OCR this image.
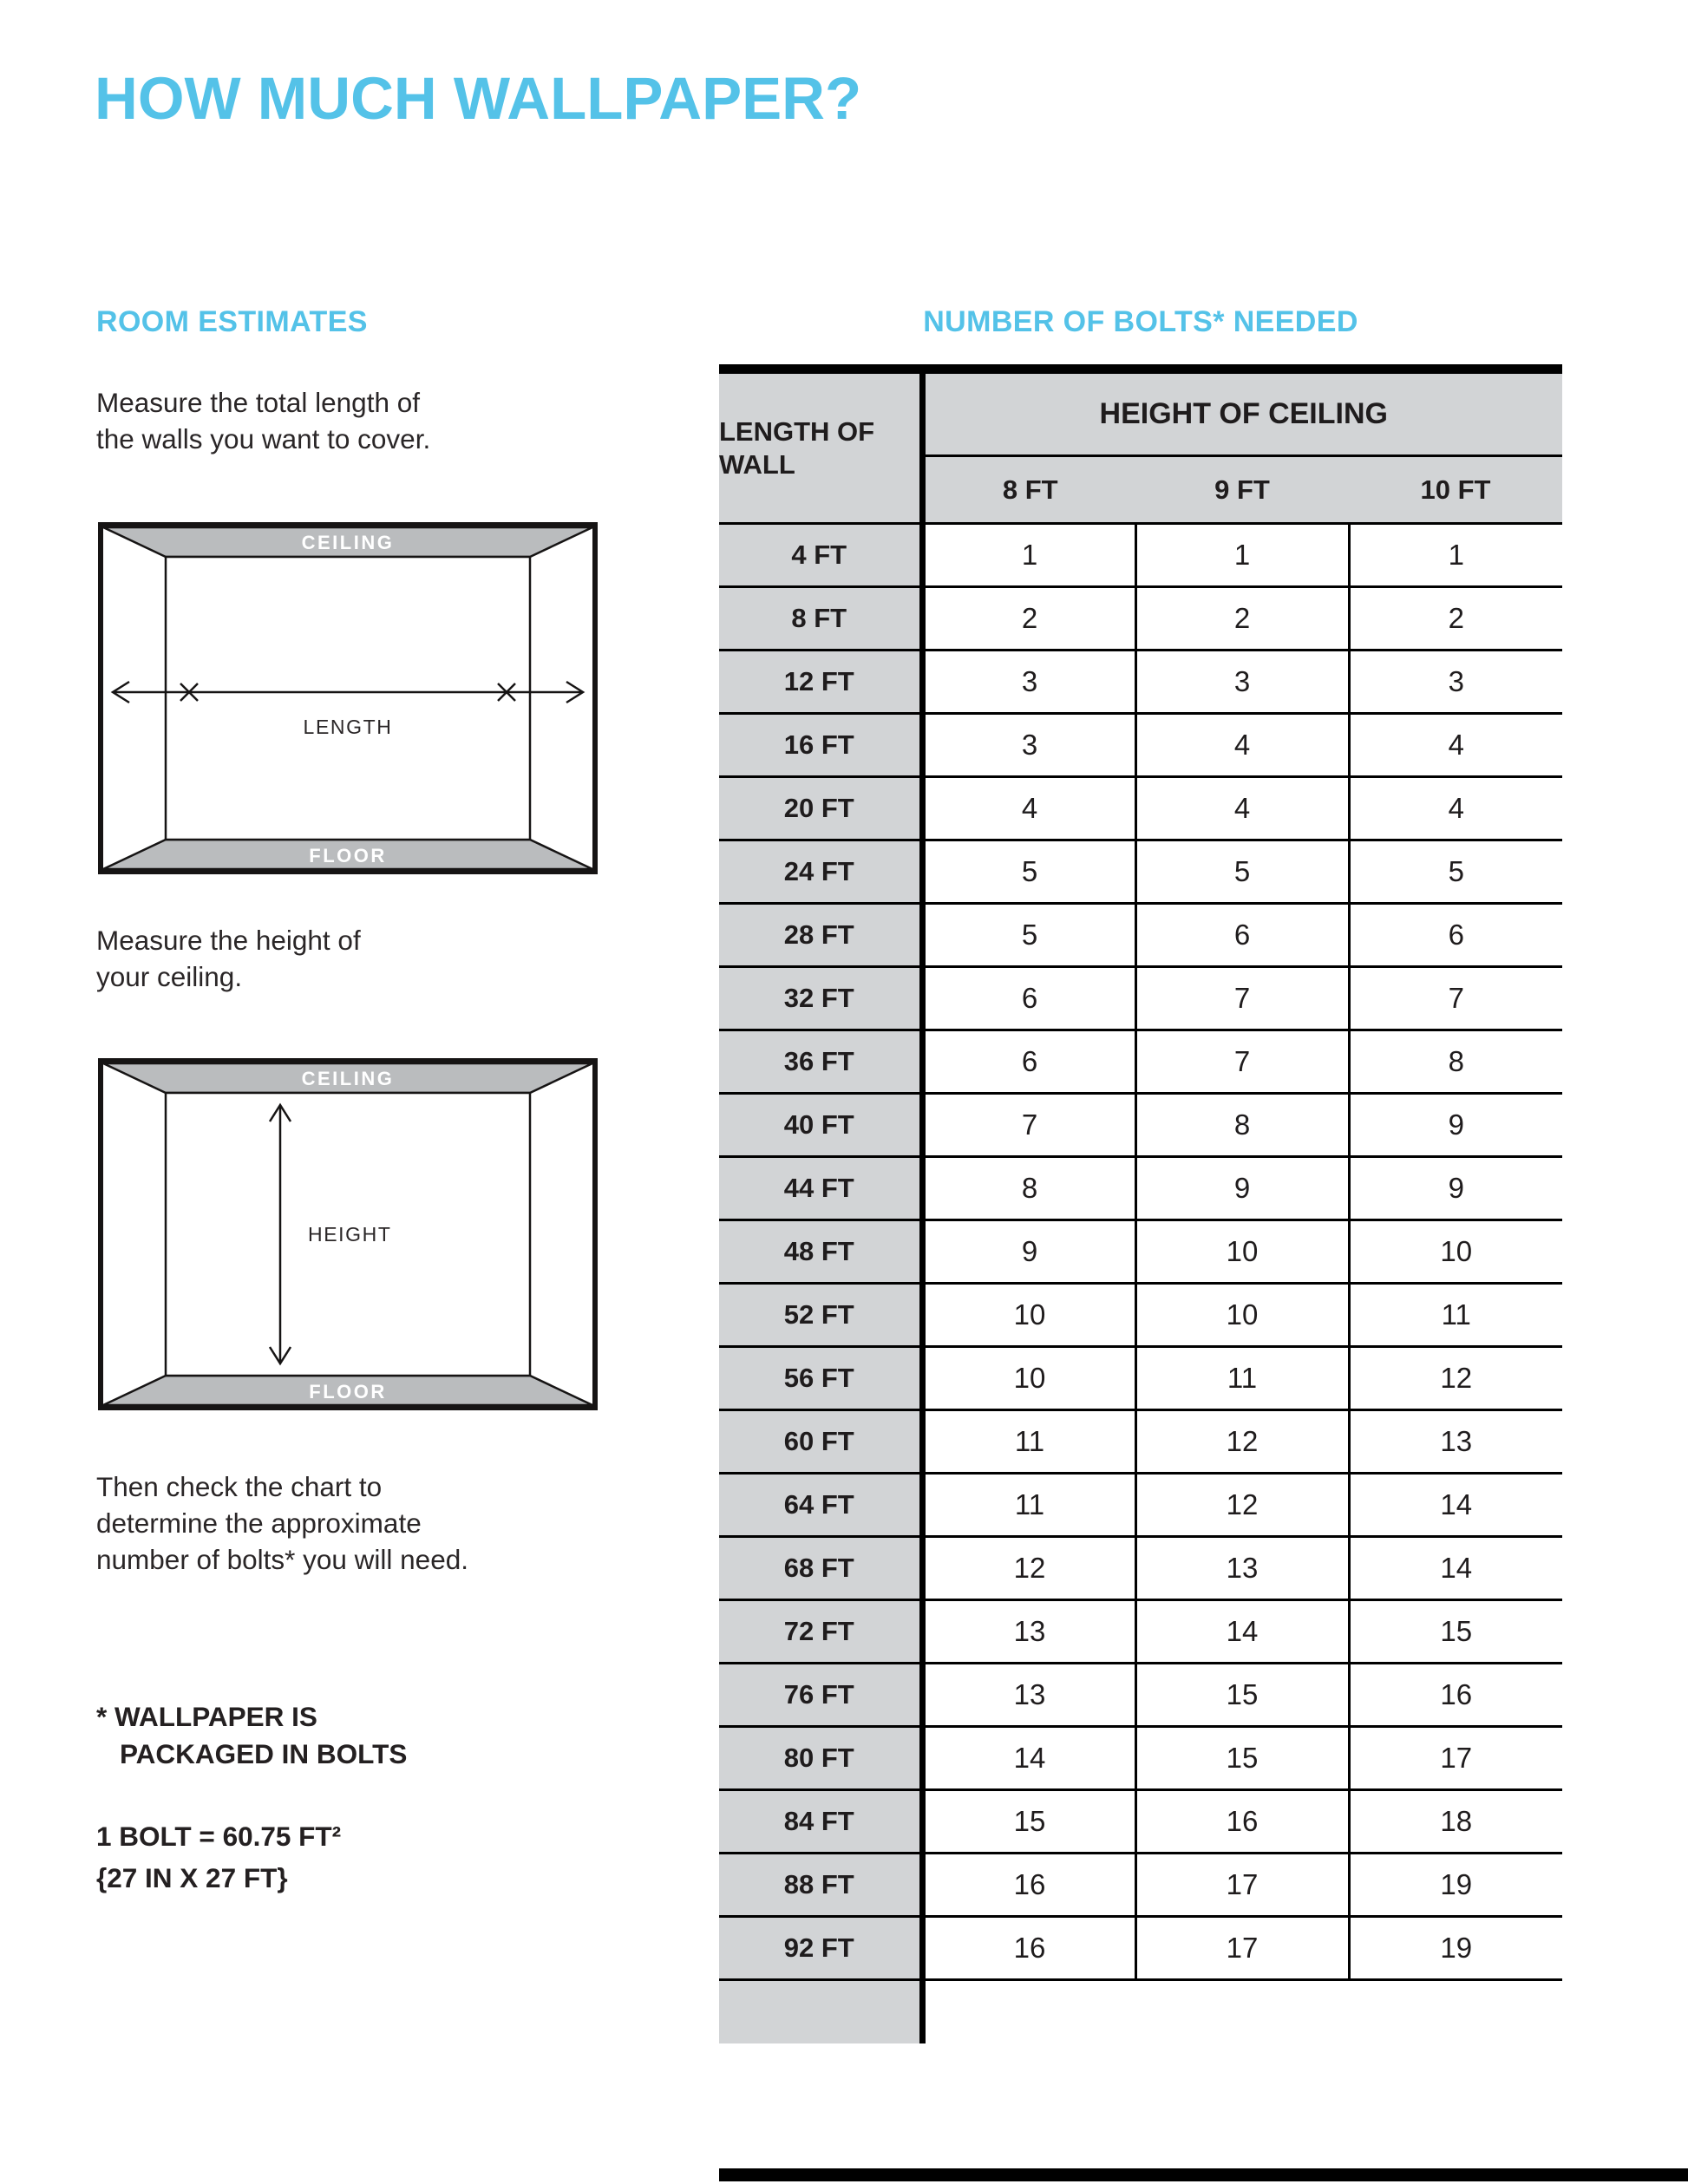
HOW MUCH WALLPAPER?
ROOM ESTIMATES
Measure the total length of
the walls you want to cover.
CEILING
FLOOR
LENGTH
Measure the height of
your ceiling.
CEILING
FLOOR
HEIGHT
Then check the chart to
determine the approximate
number of bolts* you will need.
* WALLPAPER IS
PACKAGED IN BOLTS
1 BOLT = 60.75 FT²
{27 IN X 27 FT}
NUMBER OF BOLTS* NEEDED
LENGTH OF WALL	HEIGHT OF CEILING		
	8 FT	9 FT	10 FT
4 FT	1	1	1
8 FT	2	2	2
12 FT	3	3	3
16 FT	3	4	4
20 FT	4	4	4
24 FT	5	5	5
28 FT	5	6	6
32 FT	6	7	7
36 FT	6	7	8
40 FT	7	8	9
44 FT	8	9	9
48 FT	9	10	10
52 FT	10	10	11
56 FT	10	11	12
60 FT	11	12	13
64 FT	11	12	14
68 FT	12	13	14
72 FT	13	14	15
76 FT	13	15	16
80 FT	14	15	17
84 FT	15	16	18
88 FT	16	17	19
92 FT	16	17	19
